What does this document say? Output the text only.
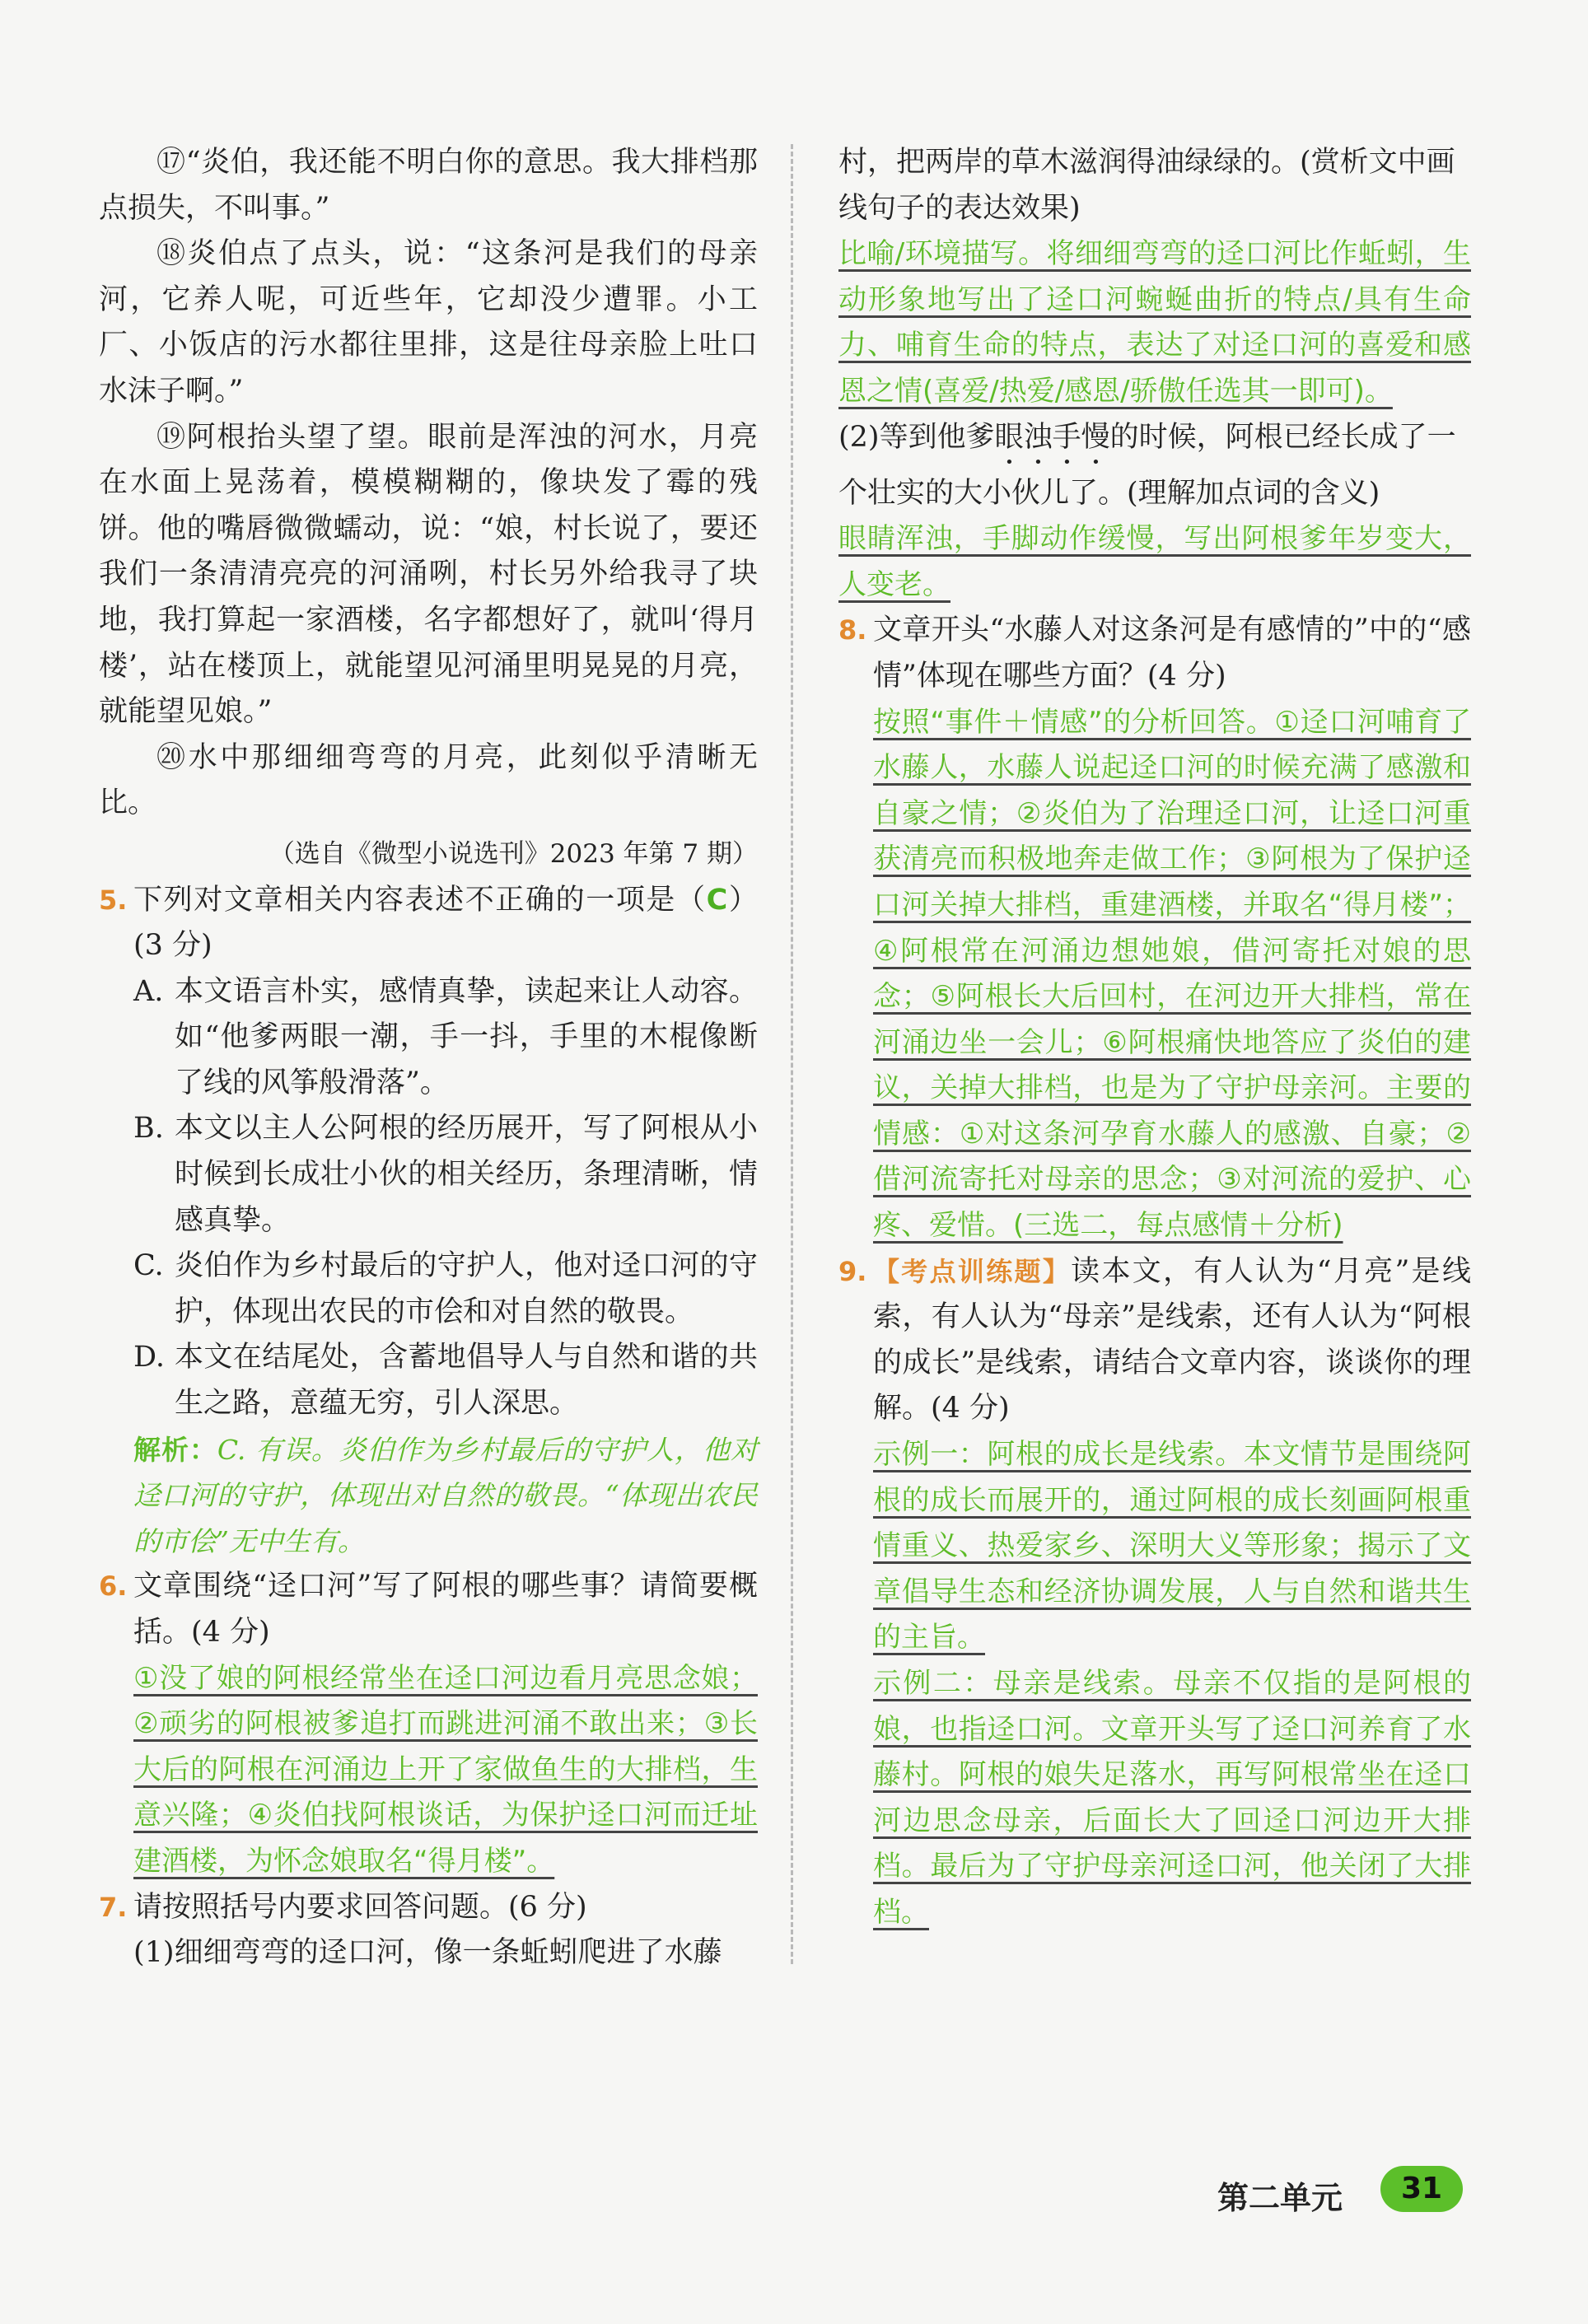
⑰“炎伯，我还能不明白你的意思。我大排档那点损失，不叫事。”

⑱炎伯点了点头，说：“这条河是我们的母亲河，它养人呢，可近些年，它却没少遭罪。小工厂、小饭店的污水都往里排，这是往母亲脸上吐口水沫子啊。”

⑲阿根抬头望了望。眼前是浑浊的河水，月亮在水面上晃荡着，模模糊糊的，像块发了霉的残饼。他的嘴唇微微蠕动，说：“娘，村长说了，要还我们一条清清亮亮的河涌咧，村长另外给我寻了块地，我打算起一家酒楼，名字都想好了，就叫‘得月楼’，站在楼顶上，就能望见河涌里明晃晃的月亮，就能望见娘。”

⑳水中那细细弯弯的月亮，此刻似乎清晰无比。

（选自《微型小说选刊》2023 年第 7 期）

5. 下列对文章相关内容表述不正确的一项是（C）(3 分)
A. 本文语言朴实，感情真挚，读起来让人动容。如“他爹两眼一潮，手一抖，手里的木棍像断了线的风筝般滑落”。
B. 本文以主人公阿根的经历展开，写了阿根从小时候到长成壮小伙的相关经历，条理清晰，情感真挚。
C. 炎伯作为乡村最后的守护人，他对迳口河的守护，体现出农民的市侩和对自然的敬畏。
D. 本文在结尾处，含蓄地倡导人与自然和谐的共生之路，意蕴无穷，引人深思。

解析：C. 有误。炎伯作为乡村最后的守护人，他对迳口河的守护，体现出对自然的敬畏。“体现出农民的市侩”无中生有。

6. 文章围绕“迳口河”写了阿根的哪些事？请简要概括。(4 分)

①没了娘的阿根经常坐在迳口河边看月亮思念娘；②顽劣的阿根被爹追打而跳进河涌不敢出来；③长大后的阿根在河涌边上开了家做鱼生的大排档，生意兴隆；④炎伯找阿根谈话，为保护迳口河而迁址建酒楼，为怀念娘取名“得月楼”。

7. 请按照括号内要求回答问题。(6 分)

(1)细细弯弯的迳口河，像一条蚯蚓爬进了水藤

村，把两岸的草木滋润得油绿绿的。(赏析文中画线句子的表达效果)

比喻/环境描写。将细细弯弯的迳口河比作蚯蚓，生动形象地写出了迳口河蜿蜒曲折的特点/具有生命力、哺育生命的特点，表达了对迳口河的喜爱和感恩之情(喜爱/热爱/感恩/骄傲任选其一即可)。

(2)等到他爹眼浊手慢的时候，阿根已经长成了一个壮实的大小伙儿了。(理解加点词的含义)

眼睛浑浊，手脚动作缓慢，写出阿根爹年岁变大，人变老。

8. 文章开头“水藤人对这条河是有感情的”中的“感情”体现在哪些方面？(4 分)

按照“事件＋情感”的分析回答。①迳口河哺育了水藤人，水藤人说起迳口河的时候充满了感激和自豪之情；②炎伯为了治理迳口河，让迳口河重获清亮而积极地奔走做工作；③阿根为了保护迳口河关掉大排档，重建酒楼，并取名“得月楼”；④阿根常在河涌边想她娘，借河寄托对娘的思念；⑤阿根长大后回村，在河边开大排档，常在河涌边坐一会儿；⑥阿根痛快地答应了炎伯的建议，关掉大排档，也是为了守护母亲河。主要的情感：①对这条河孕育水藤人的感激、自豪；②借河流寄托对母亲的思念；③对河流的爱护、心疼、爱惜。(三选二，每点感情＋分析)

9. 【考点训练题】读本文，有人认为“月亮”是线索，有人认为“母亲”是线索，还有人认为“阿根的成长”是线索，请结合文章内容，谈谈你的理解。(4 分)

示例一：阿根的成长是线索。本文情节是围绕阿根的成长而展开的，通过阿根的成长刻画阿根重情重义、热爱家乡、深明大义等形象；揭示了文章倡导生态和经济协调发展，人与自然和谐共生的主旨。

示例二：母亲是线索。母亲不仅指的是阿根的娘，也指迳口河。文章开头写了迳口河养育了水藤村。阿根的娘失足落水，再写阿根常坐在迳口河边思念母亲，后面长大了回迳口河边开大排档。最后为了守护母亲河迳口河，他关闭了大排档。

第二单元	31
